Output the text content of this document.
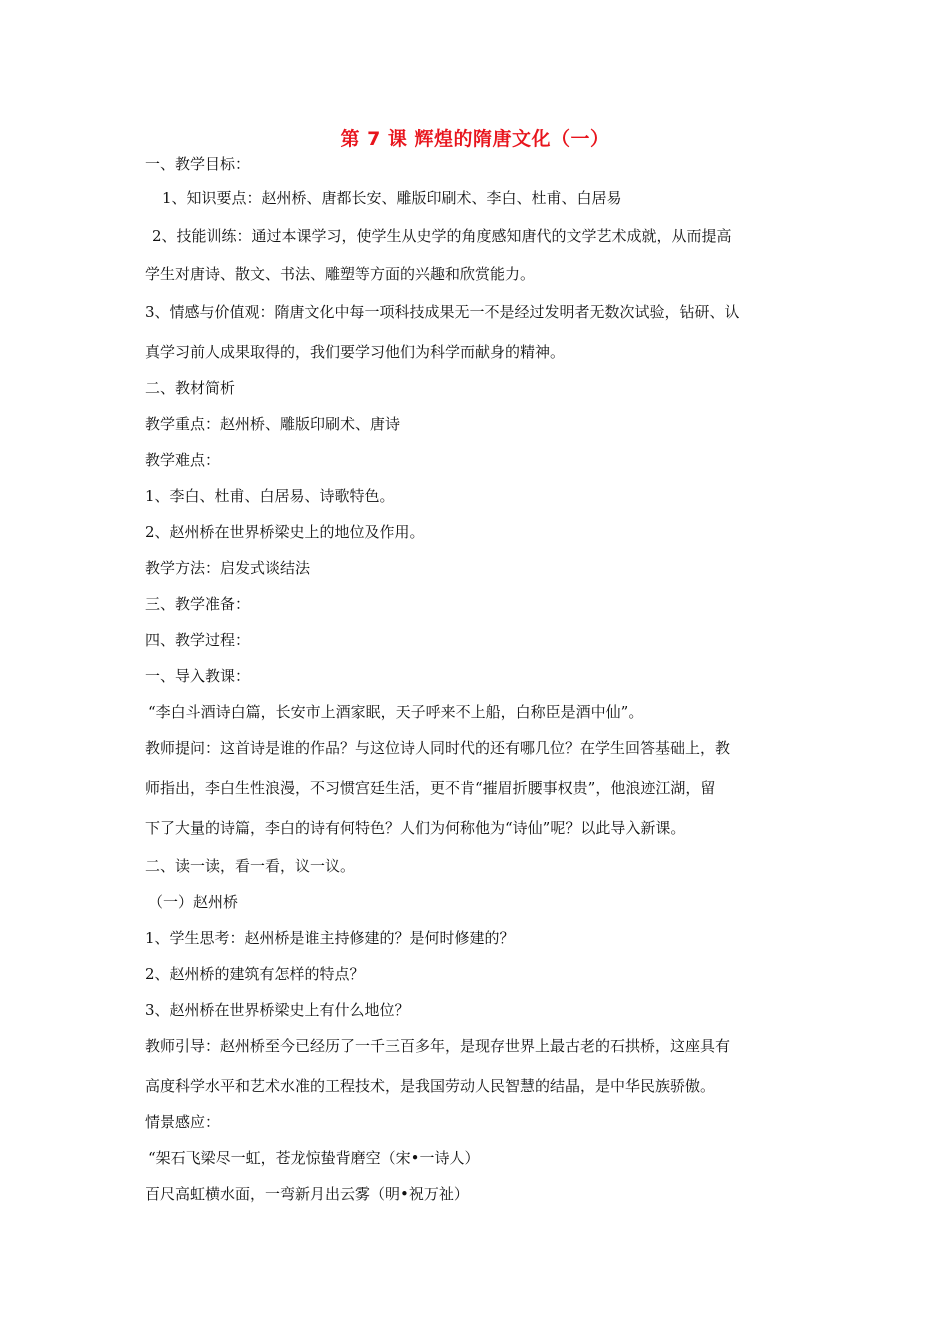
第 7 课 辉煌的隋唐文化（一）
一、教学目标：
1、知识要点：赵州桥、唐都长安、雕版印刷术、李白、杜甫、白居易
2、技能训练：通过本课学习，使学生从史学的角度感知唐代的文学艺术成就，从而提高
学生对唐诗、散文、书法、雕塑等方面的兴趣和欣赏能力。
3、情感与价值观：隋唐文化中每一项科技成果无一不是经过发明者无数次试验，钻研、认
真学习前人成果取得的，我们要学习他们为科学而献身的精神。
二、教材简析
教学重点：赵州桥、雕版印刷术、唐诗
教学难点：
1、李白、杜甫、白居易、诗歌特色。
2、赵州桥在世界桥梁史上的地位及作用。
教学方法：启发式谈结法
三、教学准备：
四、教学过程：
一、导入教课：
“李白斗酒诗白篇，长安市上酒家眠，天子呼来不上船，白称臣是酒中仙”。
教师提问：这首诗是谁的作品？与这位诗人同时代的还有哪几位？在学生回答基础上，教
师指出，李白生性浪漫，不习惯宫廷生活，更不肯“摧眉折腰事权贵”，他浪迹江湖，留
下了大量的诗篇，李白的诗有何特色？人们为何称他为“诗仙”呢？以此导入新课。
二、读一读，看一看，议一议。
（一）赵州桥
1、学生思考：赵州桥是谁主持修建的？是何时修建的？
2、赵州桥的建筑有怎样的特点？
3、赵州桥在世界桥梁史上有什么地位？
教师引导：赵州桥至今已经历了一千三百多年，是现存世界上最古老的石拱桥，这座具有
高度科学水平和艺术水准的工程技术，是我国劳动人民智慧的结晶，是中华民族骄傲。
情景感应：
“架石飞梁尽一虹，苍龙惊蛰背磨空（宋•一诗人）
百尺高虹横水面，一弯新月出云雾（明•祝万祉）
